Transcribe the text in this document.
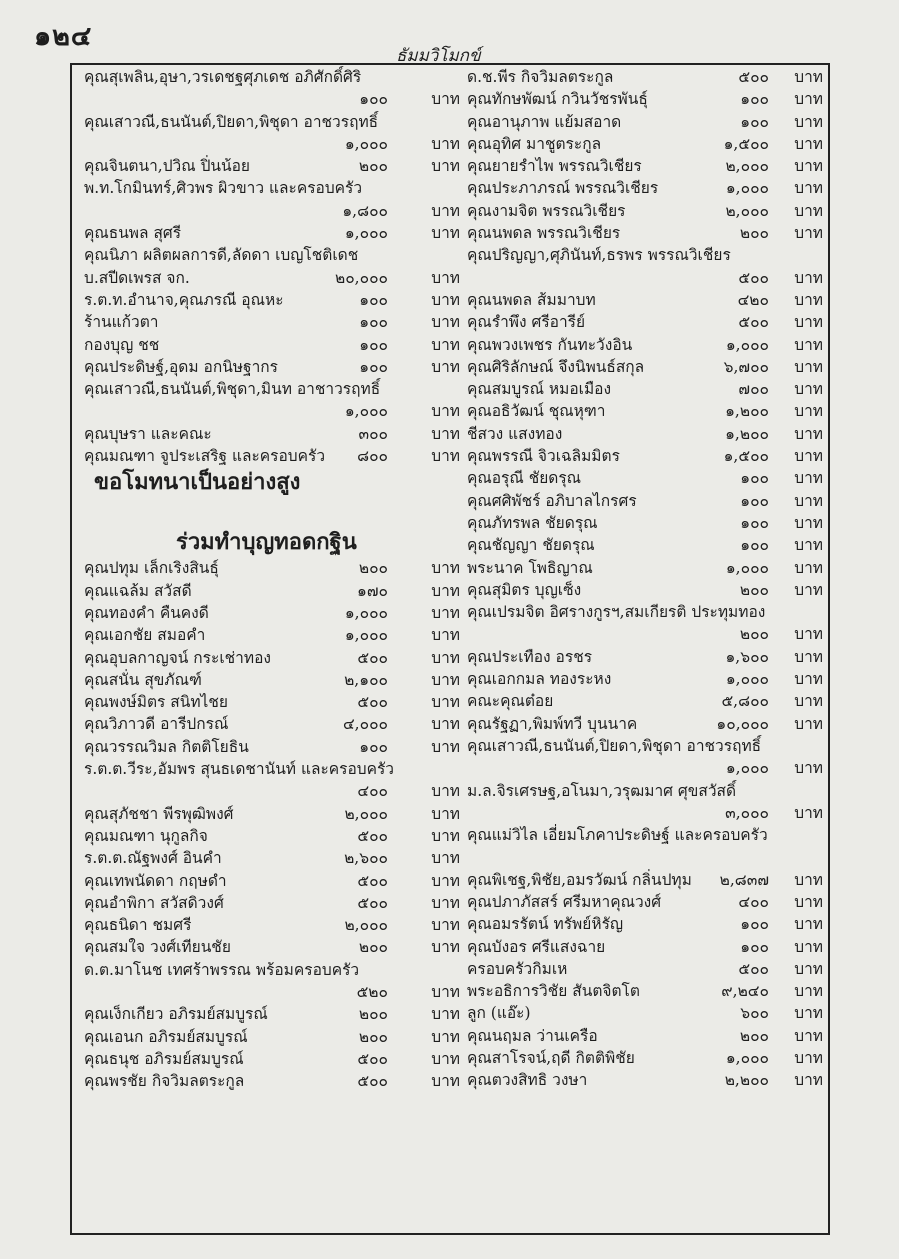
๑๒๔
ธัมมวิโมกข์
คุณสุเพลิน,อุษา,วรเดชฐศุภเดช อภิศักดิ์ศิริ
๑๐๐	บาท
คุณเสาวณี,ธนนันต์,ปิยดา,พิชุดา อาชวรฤทธิ์
๑,๐๐๐	บาท
คุณจินตนา,ปวิณ ปิ่นน้อย	๒๐๐	บาท
พ.ท.โกมินทร์,ศิวพร ผิวขาว และครอบครัว
๑,๘๐๐	บาท
คุณธนพล สุศรี	๑,๐๐๐	บาท
คุณนิภา ผลิตผลการดี,ลัดดา เบญโชติเดช
บ.สปีดเพรส จก.	๒๐,๐๐๐	บาท
ร.ต.ท.อำนาจ,คุณภรณี อุณหะ	๑๐๐	บาท
ร้านแก้วตา	๑๐๐	บาท
กองบุญ ชช	๑๐๐	บาท
คุณประดิษฐ์,อุดม อกนิษฐากร	๑๐๐	บาท
คุณเสาวณี,ธนนันต์,พิชุดา,มินท อาชาวรฤทธิ์
๑,๐๐๐	บาท
คุณบุษรา และคณะ	๓๐๐	บาท
คุณมณฑา จูประเสริฐ และครอบครัว ๘๐๐	บาท
ขอโมทนาเป็นอย่างสูง
ร่วมทำบุญทอดกฐิน
คุณปทุม เล็กเริงสินธุ์	๒๐๐	บาท
คุณแฉล้ม สวัสดี	๑๗๐	บาท
คุณทองคำ คืนคงดี	๑,๐๐๐	บาท
คุณเอกชัย สมอคำ	๑,๐๐๐	บาท
คุณอุบลกาญจน์ กระเช่าทอง	๕๐๐	บาท
คุณสนั่น สุขภัณฑ์	๒,๑๐๐	บาท
คุณพงษ์มิตร สนิทไชย	๕๐๐	บาท
คุณวิภาวดี อารีปกรณ์	๔,๐๐๐	บาท
คุณวรรณวิมล กิตติโยธิน	๑๐๐	บาท
ร.ต.ต.วีระ,อัมพร สุนธเดชานันท์ และครอบครัว
๔๐๐	บาท
คุณสุภัชชา พีรพุฒิพงศ์	๒,๐๐๐	บาท
คุณมณฑา นุกูลกิจ	๕๐๐	บาท
ร.ต.ต.ณัฐพงศ์ อินคำ	๒,๖๐๐	บาท
คุณเทพนัดดา กฤษดำ	๕๐๐	บาท
คุณอำพิกา สวัสดิวงศ์	๕๐๐	บาท
คุณธนิดา ชมศรี	๒,๐๐๐	บาท
คุณสมใจ วงศ์เทียนชัย	๒๐๐	บาท
ด.ต.มาโนช เทศร้าพรรณ พร้อมครอบครัว
๕๒๐	บาท
คุณเง็กเกียว อภิรมย์สมบูรณ์	๒๐๐	บาท
คุณเอนก อภิรมย์สมบูรณ์	๒๐๐	บาท
คุณธนุช อภิรมย์สมบูรณ์	๕๐๐	บาท
คุณพรชัย กิจวิมลตระกูล	๕๐๐	บาท
ด.ช.พีร กิจวิมลตระกูล	๕๐๐ บาท
คุณทักษพัฒน์ กวินวัชรพันธุ์	๑๐๐ บาท
คุณอานุภาพ แย้มสอาด	๑๐๐ บาท
คุณอุทิศ มาชูตระกูล	๑,๕๐๐ บาท
คุณยายรำไพ พรรณวิเชียร	๒,๐๐๐ บาท
คุณประภาภรณ์ พรรณวิเชียร	๑,๐๐๐ บาท
คุณงามจิต พรรณวิเชียร	๒,๐๐๐ บาท
คุณนพดล พรรณวิเชียร	๒๐๐ บาท
คุณปริญญา,ศุภินันท์,ธรพร พรรณวิเชียร
๕๐๐ บาท
คุณนพดล ส้มมาบท	๔๒๐ บาท
คุณรำพึง ศรีอารีย์	๕๐๐ บาท
คุณพวงเพชร กันทะวังอิน	๑,๐๐๐ บาท
คุณศิริลักษณ์ จึงนิพนธ์สกุล	๖,๗๐๐ บาท
คุณสมบูรณ์ หมอเมือง	๗๐๐ บาท
คุณอธิวัฒน์ ชุณหุฑา	๑,๒๐๐ บาท
ชีสวง แสงทอง	๑,๒๐๐ บาท
คุณพรรณี จิวเฉลิมมิตร	๑,๕๐๐ บาท
คุณอรุณี ชัยดรุณ	๑๐๐ บาท
คุณศศิพัชร์ อภิบาลไกรศร	๑๐๐ บาท
คุณภัทรพล ชัยดรุณ	๑๐๐ บาท
คุณชัญญา ชัยดรุณ	๑๐๐ บาท
พระนาค โพธิญาณ	๑,๐๐๐ บาท
คุณสุมิตร บุญเซ็ง	๒๐๐ บาท
คุณเปรมจิต อิศรางกูรฯ,สมเกียรติ ประทุมทอง
๒๐๐ บาท
คุณประเทือง อรชร	๑,๖๐๐ บาท
คุณเอกกมล ทองระหง	๑,๐๐๐ บาท
คณะคุณต๋อย	๕,๘๐๐ บาท
คุณรัฐฏา,พิมพ์ทวี บุนนาค	๑๐,๐๐๐ บาท
คุณเสาวณี,ธนนันต์,ปิยดา,พิชุดา อาชวรฤทธิ์
๑,๐๐๐ บาท
ม.ล.จิรเศรษฐ,อโนมา,วรุฒมาศ ศุขสวัสดิ์
๓,๐๐๐ บาท
คุณแม่วิไล เอี่ยมโภคาประดิษฐ์ และครอบครัว
คุณพิเชฐ,พิชัย,อมรวัฒน์ กลิ่นปทุม ๒,๘๓๗ บาท
คุณปภาภัสสร์ ศรีมหาคุณวงศ์	๔๐๐ บาท
คุณอมรรัตน์ ทรัพย์หิรัญ	๑๐๐ บาท
คุณบังอร ศรีแสงฉาย	๑๐๐ บาท
ครอบครัวกิมเห	๕๐๐ บาท
พระอธิการวิชัย สันตจิตโต	๙,๒๔๐ บาท
ลูก (แอ๊ะ)	๖๐๐ บาท
คุณนฤมล ว่านเครือ	๒๐๐ บาท
คุณสาโรจน์,ฤดี กิตติพิชัย	๑,๐๐๐ บาท
คุณตวงสิทธิ วงษา	๒,๒๐๐ บาท
